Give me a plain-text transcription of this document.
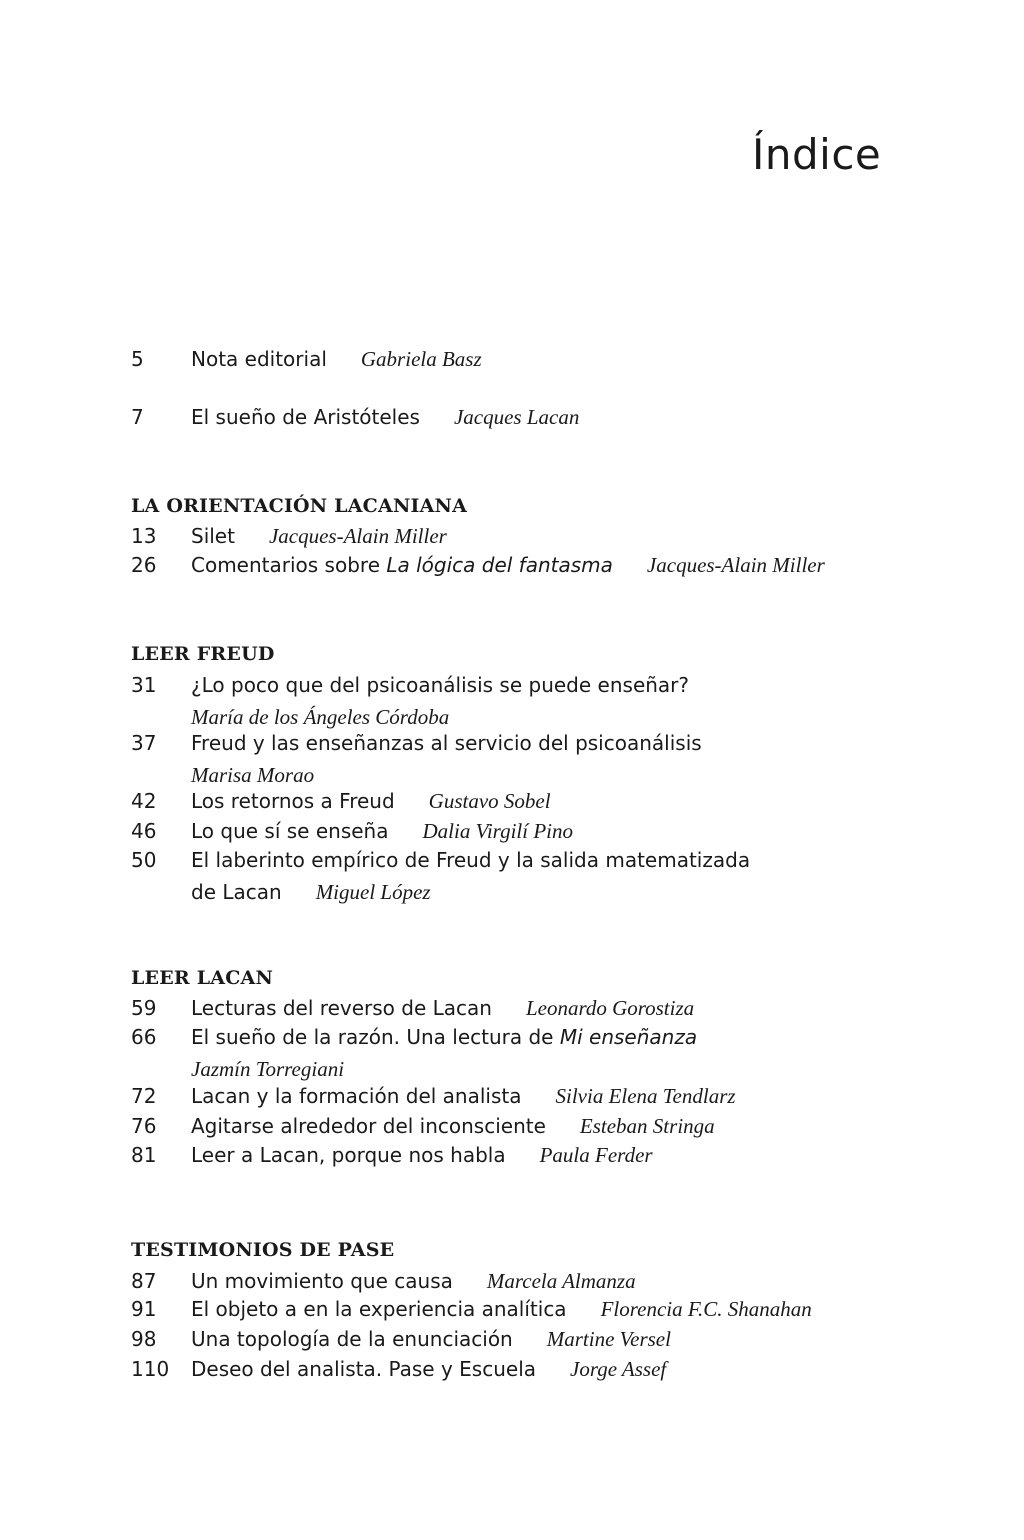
Índice
5	Nota editorial Gabriela Basz
7	El sueño de Aristóteles Jacques Lacan
LA ORIENTACIÓN LACANIANA
13	Silet Jacques-Alain Miller
26	Comentarios sobre La lógica del fantasma Jacques-Alain Miller
LEER FREUD
31	¿Lo poco que del psicoanálisis se puede enseñar?
María de los Ángeles Córdoba
37	Freud y las enseñanzas al servicio del psicoanálisis
Marisa Morao
42	Los retornos a Freud Gustavo Sobel
46	Lo que sí se enseña Dalia Virgilí Pino
50	El laberinto empírico de Freud y la salida matematizada
de Lacan Miguel López
LEER LACAN
59	Lecturas del reverso de Lacan Leonardo Gorostiza
66	El sueño de la razón. Una lectura de Mi enseñanza
Jazmín Torregiani
72	Lacan y la formación del analista Silvia Elena Tendlarz
76	Agitarse alrededor del inconsciente Esteban Stringa
81	Leer a Lacan, porque nos habla Paula Ferder
TESTIMONIOS DE PASE
87	Un movimiento que causa Marcela Almanza
91	El objeto a en la experiencia analítica Florencia F.C. Shanahan
98	Una topología de la enunciación Martine Versel
110	Deseo del analista. Pase y Escuela Jorge Assef
